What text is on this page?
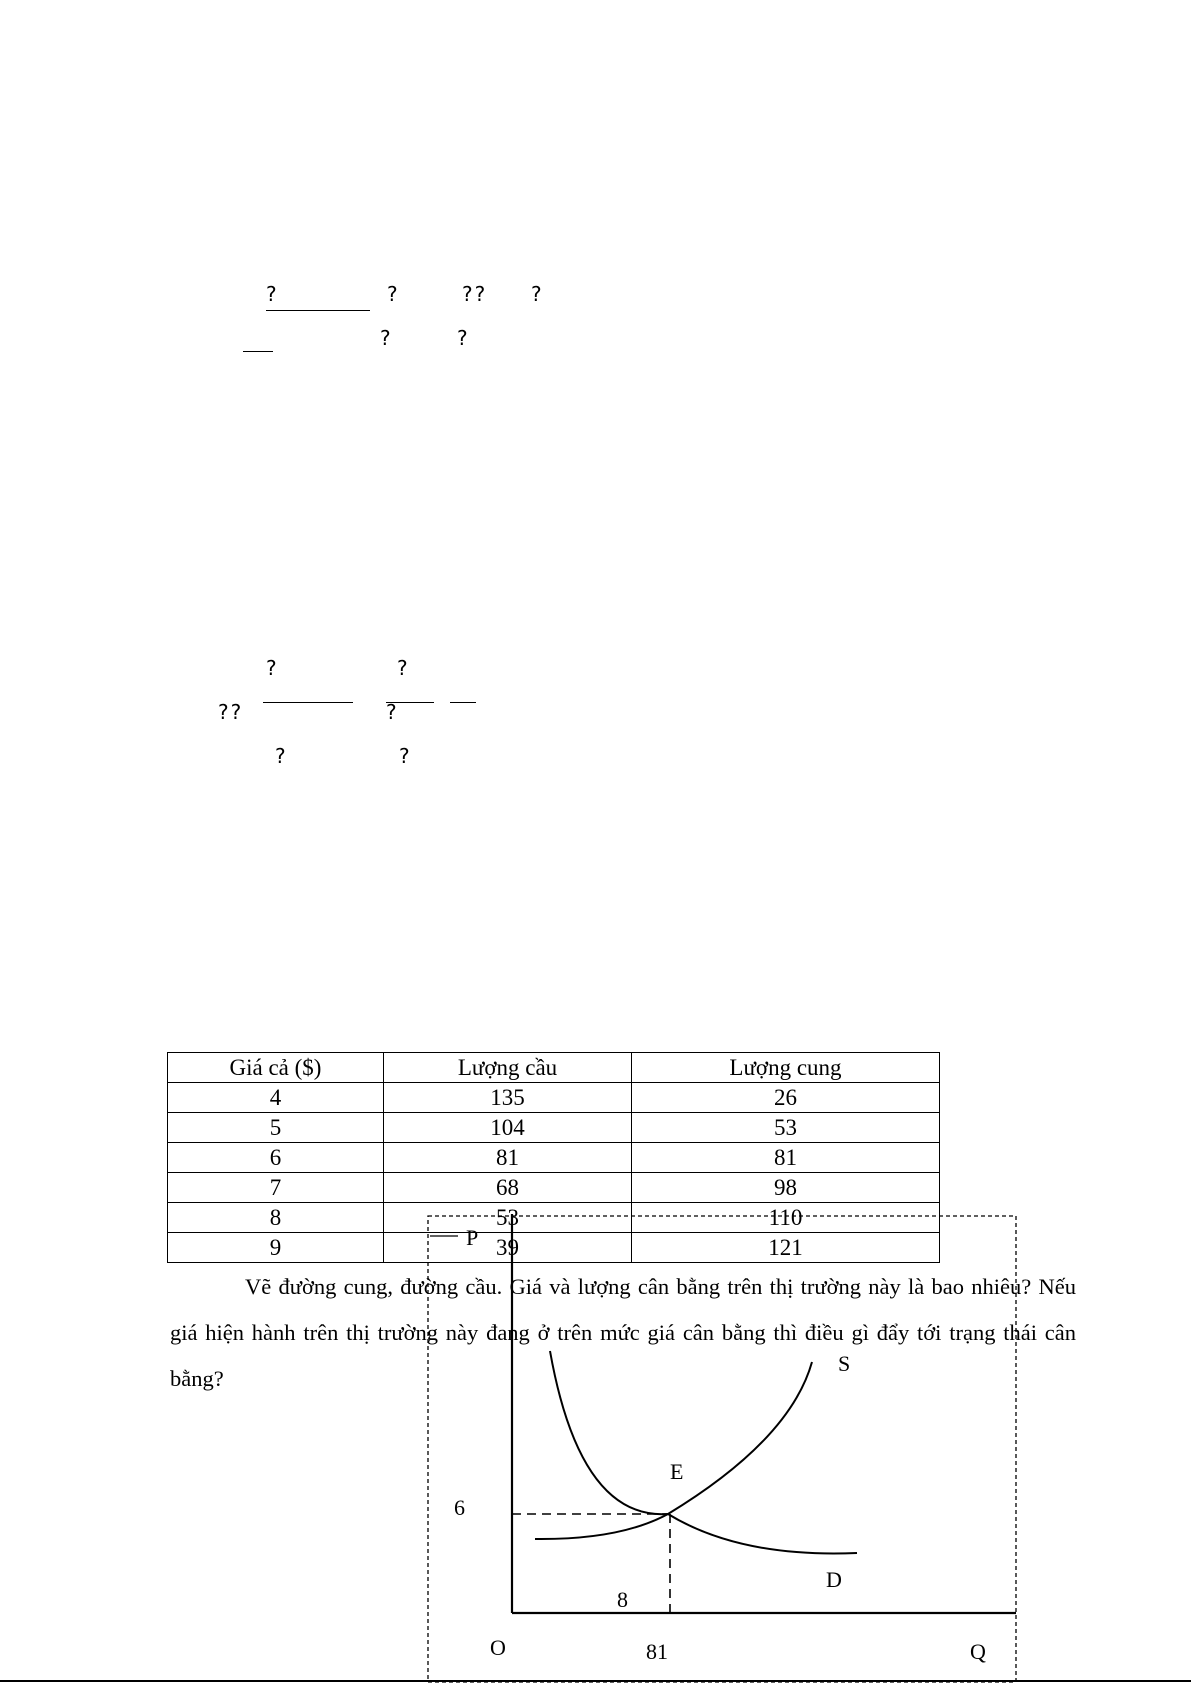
?	?	?? ?
?	?
?	?
??	?
?	?
Giá cả ($)	Lượng cầu	Lượng cung
4	135	26
5	104	53
6	81	81
7	68	98
8	53	110
9	39	121

Vẽ đường cung, đường cầu. Giá và lượng cân bằng trên thị trường này là bao nhiêu? Nếu giá hiện hành trên thị trường này đang ở trên mức giá cân bằng thì điều gì đẩy tới trạng thái cân bằng?

P
S
E
6
D
8
O	81	Q
